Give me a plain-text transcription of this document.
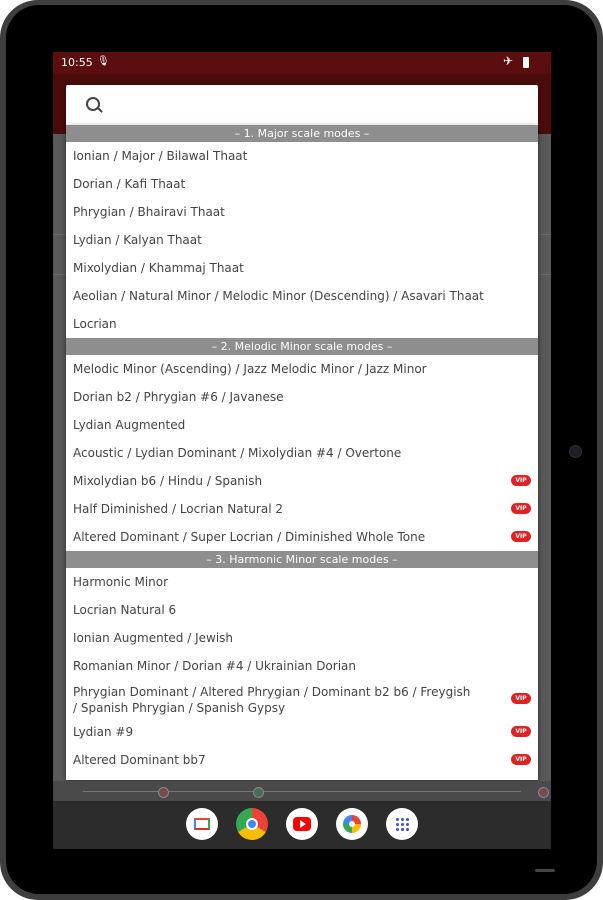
10:55 🎙	✈
– 1. Major scale modes –
Ionian / Major / Bilawal Thaat
Dorian / Kafi Thaat
Phrygian / Bhairavi Thaat
Lydian / Kalyan Thaat
Mixolydian / Khammaj Thaat
Aeolian / Natural Minor / Melodic Minor (Descending) / Asavari Thaat
Locrian
– 2. Melodic Minor scale modes –
Melodic Minor (Ascending) / Jazz Melodic Minor / Jazz Minor
Dorian b2 / Phrygian #6 / Javanese
Lydian Augmented
Acoustic / Lydian Dominant / Mixolydian #4 / Overtone
Mixolydian b6 / Hindu / Spanish	VIP
Half Diminished / Locrian Natural 2	VIP
Altered Dominant / Super Locrian / Diminished Whole Tone	VIP
– 3. Harmonic Minor scale modes –
Harmonic Minor
Locrian Natural 6
Ionian Augmented / Jewish
Romanian Minor / Dorian #4 / Ukrainian Dorian
Phrygian Dominant / Altered Phrygian / Dominant b2 b6 / Freygish / Spanish Phrygian / Spanish Gypsy
VIP
Lydian #9	VIP
Altered Dominant bb7	VIP
